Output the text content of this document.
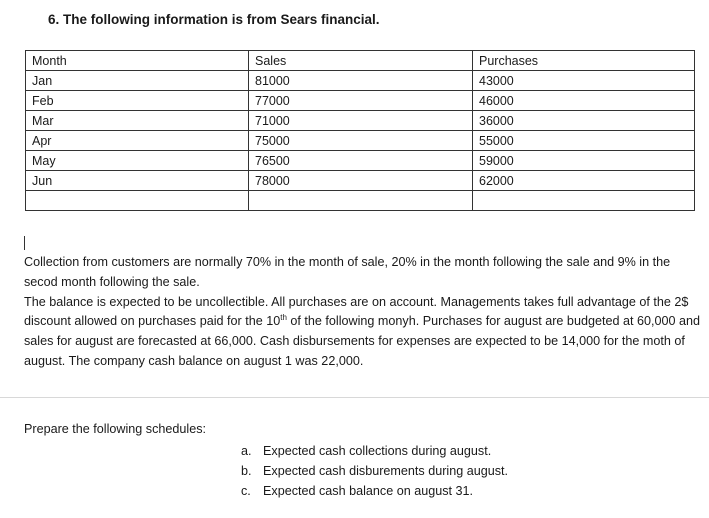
6. The following information is from Sears financial.
Month	Sales	Purchases
Jan	81000	43000
Feb	77000	46000
Mar	71000	36000
Apr	75000	55000
May	76500	59000
Jun	78000	62000

Collection from customers are normally 70% in the month of sale, 20% in the month following the sale and 9% in the secod month following the sale.

The balance is expected to be uncollectible. All purchases are on account. Managements takes full advantage of the 2$ discount allowed on purchases paid for the 10th of the following monyh. Purchases for august are budgeted at 60,000 and sales for august are forecasted at 66,000. Cash disbursements for expenses are expected to be 14,000 for the moth of august. The company cash balance on august 1 was 22,000.

Prepare the following schedules:
a. Expected cash collections during august.
b. Expected cash disburements during august.
c. Expected cash balance on august 31.
